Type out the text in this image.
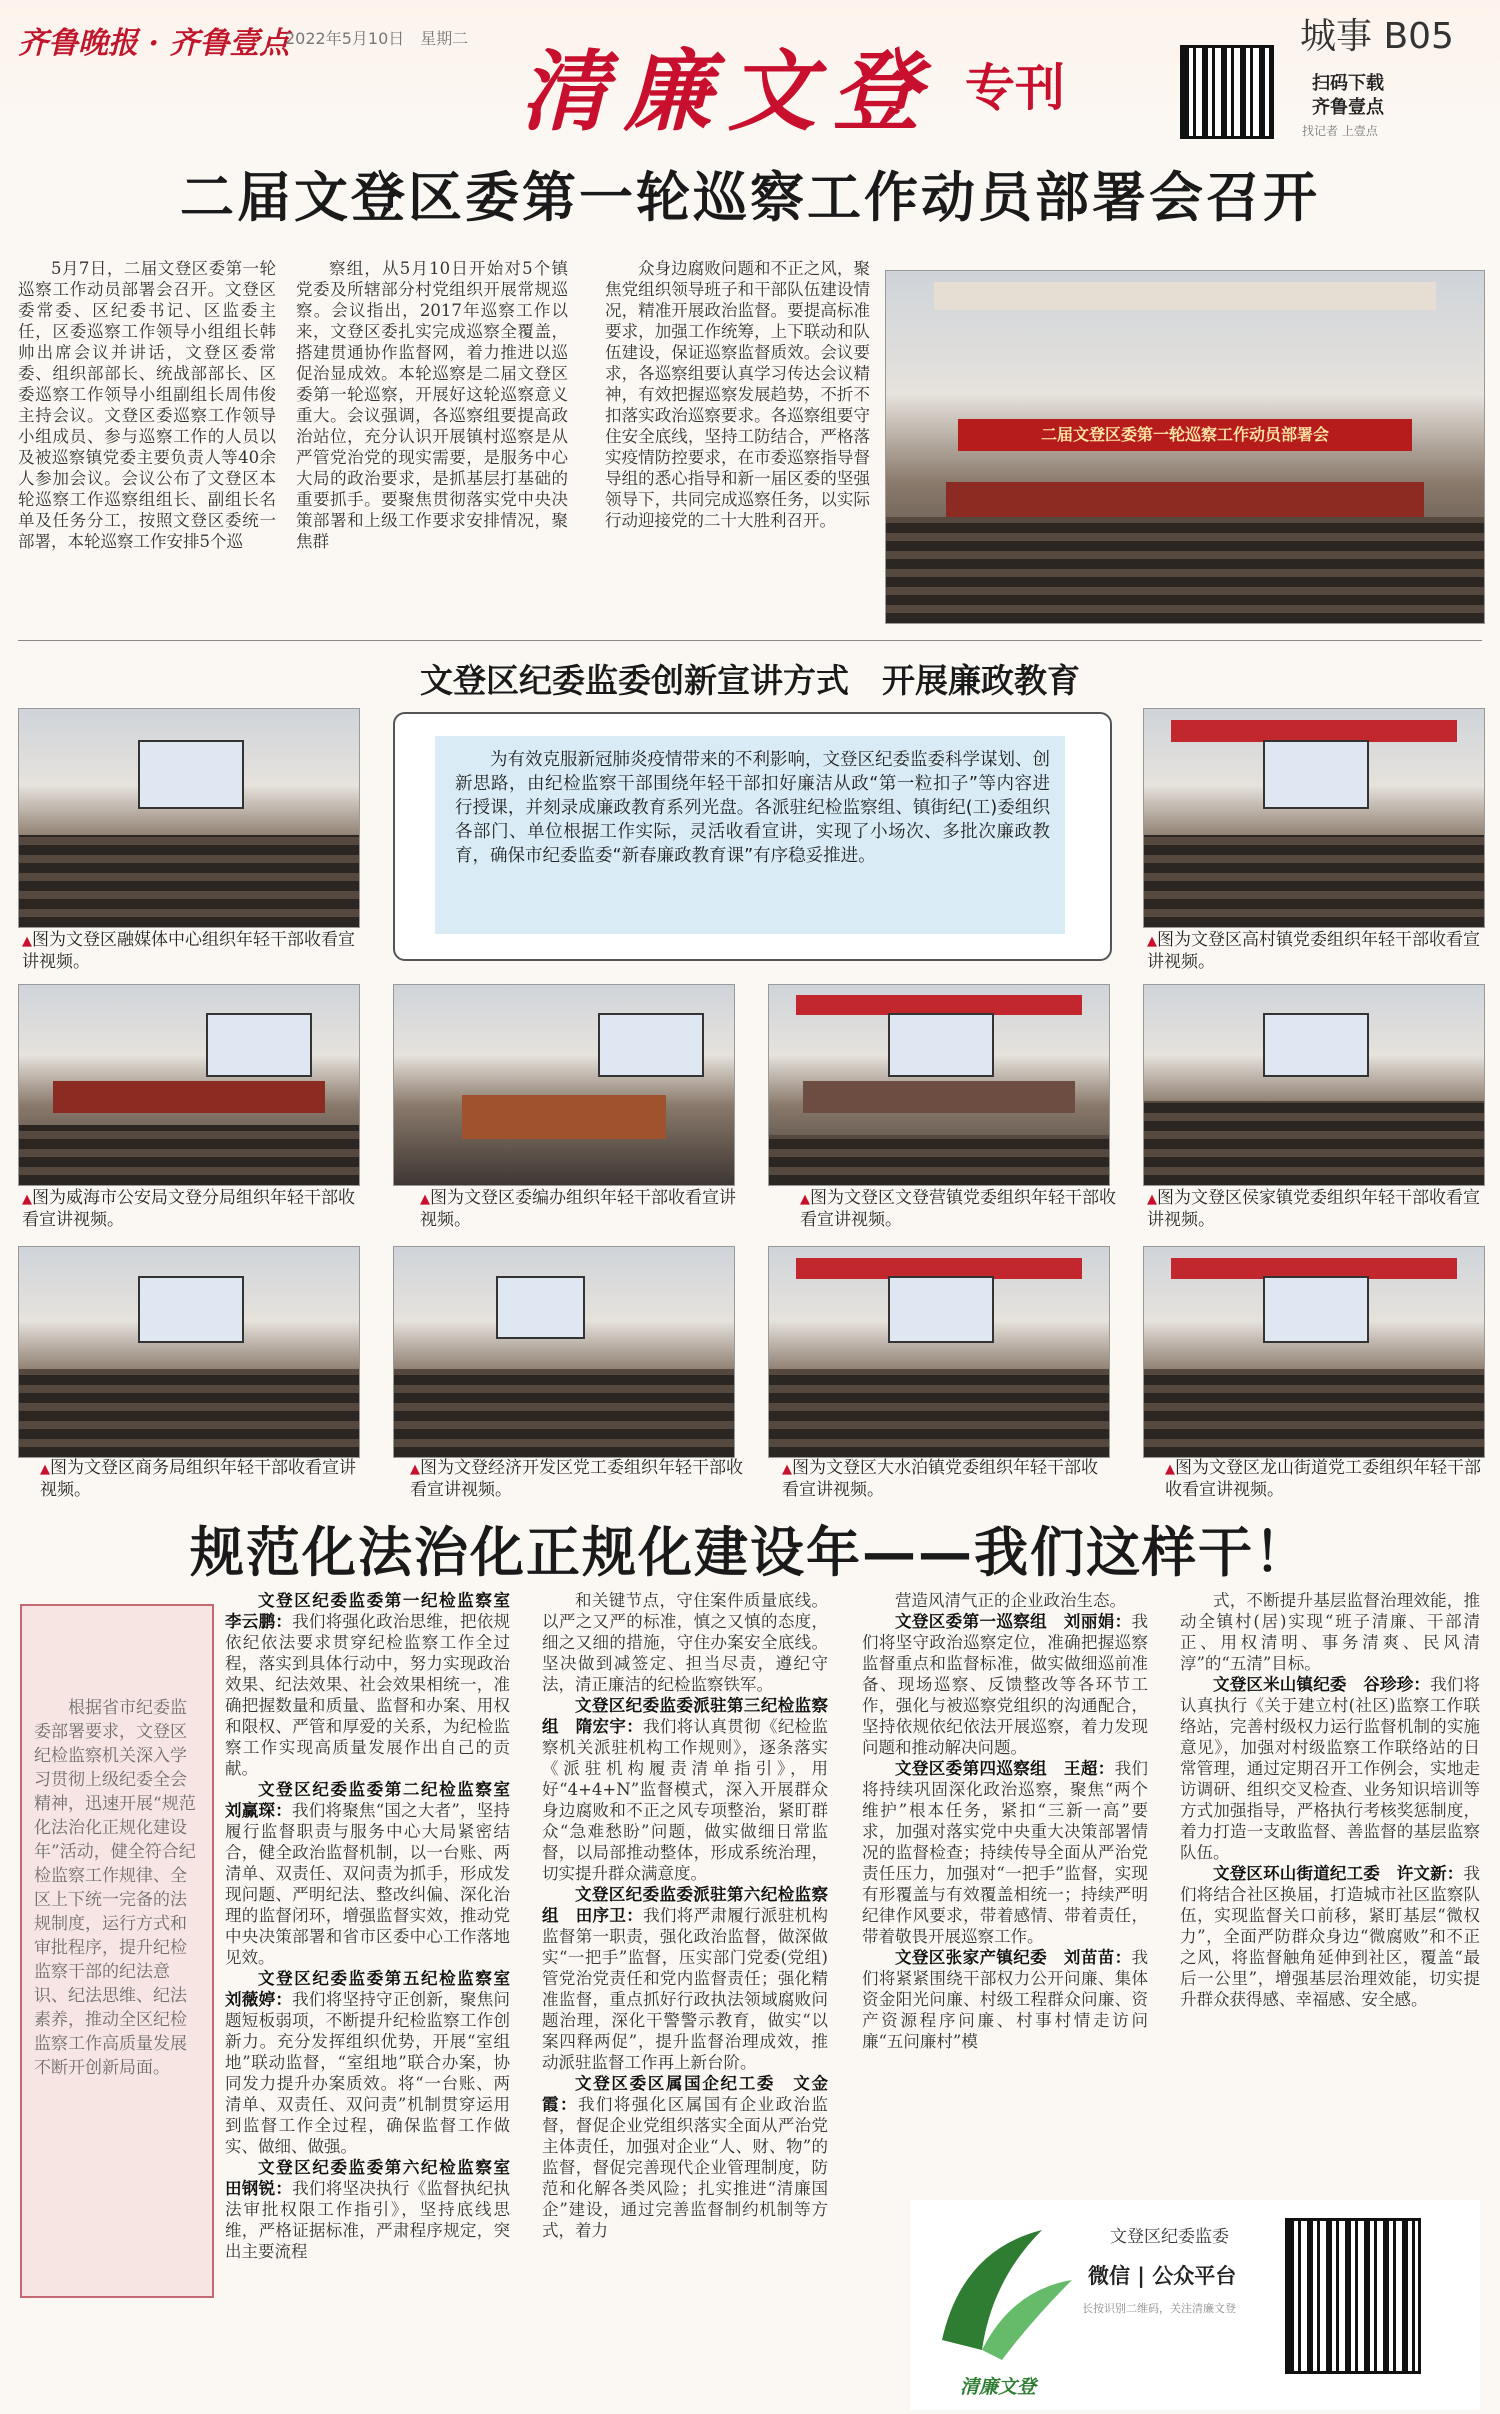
齐鲁晚报 · 齐鲁壹点
2022年5月10日　星期二
清廉文登 专刊
城事 B05
扫码下载
齐鲁壹点
找记者 上壹点
二届文登区委第一轮巡察工作动员部署会召开

5月7日，二届文登区委第一轮巡察工作动员部署会召开。文登区委常委、区纪委书记、区监委主任，区委巡察工作领导小组组长韩帅出席会议并讲话，文登区委常委、组织部部长、统战部部长、区委巡察工作领导小组副组长周伟俊主持会议。文登区委巡察工作领导小组成员、参与巡察工作的人员以及被巡察镇党委主要负责人等40余人参加会议。会议公布了文登区本轮巡察工作巡察组组长、副组长名单及任务分工，按照文登区委统一部署，本轮巡察工作安排5个巡

察组，从5月10日开始对5个镇党委及所辖部分村党组织开展常规巡察。会议指出，2017年巡察工作以来，文登区委扎实完成巡察全覆盖，搭建贯通协作监督网，着力推进以巡促治显成效。本轮巡察是二届文登区委第一轮巡察，开展好这轮巡察意义重大。会议强调，各巡察组要提高政治站位，充分认识开展镇村巡察是从严管党治党的现实需要，是服务中心大局的政治要求，是抓基层打基础的重要抓手。要聚焦贯彻落实党中央决策部署和上级工作要求安排情况，聚焦群

众身边腐败问题和不正之风，聚焦党组织领导班子和干部队伍建设情况，精准开展政治监督。要提高标准要求，加强工作统筹，上下联动和队伍建设，保证巡察监督质效。会议要求，各巡察组要认真学习传达会议精神，有效把握巡察发展趋势，不折不扣落实政治巡察要求。各巡察组要守住安全底线，坚持工防结合，严格落实疫情防控要求，在市委巡察指导督导组的悉心指导和新一届区委的坚强领导下，共同完成巡察任务，以实际行动迎接党的二十大胜利召开。

二届文登区委第一轮巡察工作动员部署会
文登区纪委监委创新宣讲方式　开展廉政教育
为有效克服新冠肺炎疫情带来的不利影响，文登区纪委监委科学谋划、创新思路，由纪检监察干部围绕年轻干部扣好廉洁从政“第一粒扣子”等内容进行授课，并刻录成廉政教育系列光盘。各派驻纪检监察组、镇街纪(工)委组织各部门、单位根据工作实际，灵活收看宣讲，实现了小场次、多批次廉政教育，确保市纪委监委“新春廉政教育课”有序稳妥推进。
▲图为文登区融媒体中心组织年轻干部收看宣讲视频。
▲图为文登区高村镇党委组织年轻干部收看宣讲视频。
▲图为威海市公安局文登分局组织年轻干部收看宣讲视频。
▲图为文登区委编办组织年轻干部收看宣讲视频。
▲图为文登区文登营镇党委组织年轻干部收看宣讲视频。
▲图为文登区侯家镇党委组织年轻干部收看宣讲视频。
▲图为文登区商务局组织年轻干部收看宣讲视频。
▲图为文登经济开发区党工委组织年轻干部收看宣讲视频。
▲图为文登区大水泊镇党委组织年轻干部收看宣讲视频。
▲图为文登区龙山街道党工委组织年轻干部收看宣讲视频。
规范化法治化正规化建设年——我们这样干！
根据省市纪委监委部署要求，文登区纪检监察机关深入学习贯彻上级纪委全会精神，迅速开展“规范化法治化正规化建设年”活动，健全符合纪检监察工作规律、全区上下统一完备的法规制度，运行方式和审批程序，提升纪检监察干部的纪法意识、纪法思维、纪法素养，推动全区纪检监察工作高质量发展不断开创新局面。

文登区纪委监委第一纪检监察室　李云鹏：我们将强化政治思维，把依规依纪依法要求贯穿纪检监察工作全过程，落实到具体行动中，努力实现政治效果、纪法效果、社会效果相统一，准确把握数量和质量、监督和办案、用权和限权、严管和厚爱的关系，为纪检监察工作实现高质量发展作出自己的贡献。

文登区纪委监委第二纪检监察室　刘赢琛：我们将聚焦“国之大者”，坚持履行监督职责与服务中心大局紧密结合，健全政治监督机制，以一台账、两清单、双责任、双问责为抓手，形成发现问题、严明纪法、整改纠偏、深化治理的监督闭环，增强监督实效，推动党中央决策部署和省市区委中心工作落地见效。

文登区纪委监委第五纪检监察室　刘薇婷：我们将坚持守正创新，聚焦问题短板弱项，不断提升纪检监察工作创新力。充分发挥组织优势，开展“室组地”联动监督，“室组地”联合办案，协同发力提升办案质效。将“一台账、两清单、双责任、双问责”机制贯穿运用到监督工作全过程，确保监督工作做实、做细、做强。

文登区纪委监委第六纪检监察室　田钢锐：我们将坚决执行《监督执纪执法审批权限工作指引》，坚持底线思维，严格证据标准，严肃程序规定，突出主要流程

和关键节点，守住案件质量底线。以严之又严的标准，慎之又慎的态度，细之又细的措施，守住办案安全底线。坚决做到减签定、担当尽责，遵纪守法，清正廉洁的纪检监察铁军。

文登区纪委监委派驻第三纪检监察组　隋宏宇：我们将认真贯彻《纪检监察机关派驻机构工作规则》，逐条落实《派驻机构履责清单指引》，用好“4+4+N”监督模式，深入开展群众身边腐败和不正之风专项整治，紧盯群众“急难愁盼”问题，做实做细日常监督，以局部推动整体，形成系统治理，切实提升群众满意度。

文登区纪委监委派驻第六纪检监察组　田序卫：我们将严肃履行派驻机构监督第一职责，强化政治监督，做深做实“一把手”监督，压实部门党委(党组)管党治党责任和党内监督责任；强化精准监督，重点抓好行政执法领域腐败问题治理，深化干警警示教育，做实“以案四释两促”，提升监督治理成效，推动派驻监督工作再上新台阶。

文登区委区属国企纪工委　文金霞：我们将强化区属国有企业政治监督，督促企业党组织落实全面从严治党主体责任，加强对企业“人、财、物”的监督，督促完善现代企业管理制度，防范和化解各类风险；扎实推进“清廉国企”建设，通过完善监督制约机制等方式，着力

营造风清气正的企业政治生态。

文登区委第一巡察组　刘丽娟：我们将坚守政治巡察定位，准确把握巡察监督重点和监督标准，做实做细巡前准备、现场巡察、反馈整改等各环节工作，强化与被巡察党组织的沟通配合，坚持依规依纪依法开展巡察，着力发现问题和推动解决问题。

文登区委第四巡察组　王超：我们将持续巩固深化政治巡察，聚焦“两个维护”根本任务，紧扣“三新一高”要求，加强对落实党中央重大决策部署情况的监督检查；持续传导全面从严治党责任压力，加强对“一把手”监督，实现有形覆盖与有效覆盖相统一；持续严明纪律作风要求，带着感情、带着责任，带着敬畏开展巡察工作。

文登区张家产镇纪委　刘苗苗：我们将紧紧围绕干部权力公开问廉、集体资金阳光问廉、村级工程群众问廉、资产资源程序问廉、村事村情走访问廉“五问廉村”模

式，不断提升基层监督治理效能，推动全镇村(居)实现“班子清廉、干部清正、用权清明、事务清爽、民风清淳”的“五清”目标。

文登区米山镇纪委　谷珍珍：我们将认真执行《关于建立村(社区)监察工作联络站，完善村级权力运行监督机制的实施意见》，加强对村级监察工作联络站的日常管理，通过定期召开工作例会，实地走访调研、组织交叉检查、业务知识培训等方式加强指导，严格执行考核奖惩制度，着力打造一支敢监督、善监督的基层监察队伍。

文登区环山街道纪工委　许文新：我们将结合社区换届，打造城市社区监察队伍，实现监督关口前移，紧盯基层“微权力”，全面严防群众身边“微腐败”和不正之风，将监督触角延伸到社区，覆盖“最后一公里”，增强基层治理效能，切实提升群众获得感、幸福感、安全感。

文登区纪委监委
微信 | 公众平台
长按识别二维码，关注清廉文登
清廉文登
